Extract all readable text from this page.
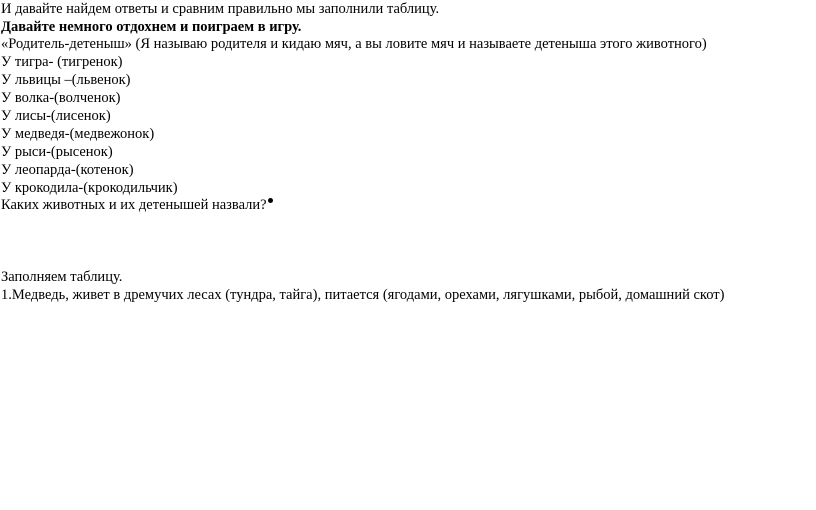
И давайте найдем ответы и сравним правильно мы заполнили таблицу.

Давайте немного отдохнем и поиграем в игру.

«Родитель-детеныш» (Я называю родителя и кидаю мяч, а вы ловите мяч и называете детеныша этого животного)

У тигра- (тигренок)

У львицы –(львенок)

У волка-(волченок)

У лисы-(лисенок)

У медведя-(медвежонок)

У рыси-(рысенок)

У леопарда-(котенок)

У крокодила-(крокодильчик)

Каких животных и их детенышей назвали?

Заполняем таблицу.

1.Медведь, живет в дремучих лесах (тундра, тайга), питается (ягодами, орехами, лягушками, рыбой, домашний скот)
